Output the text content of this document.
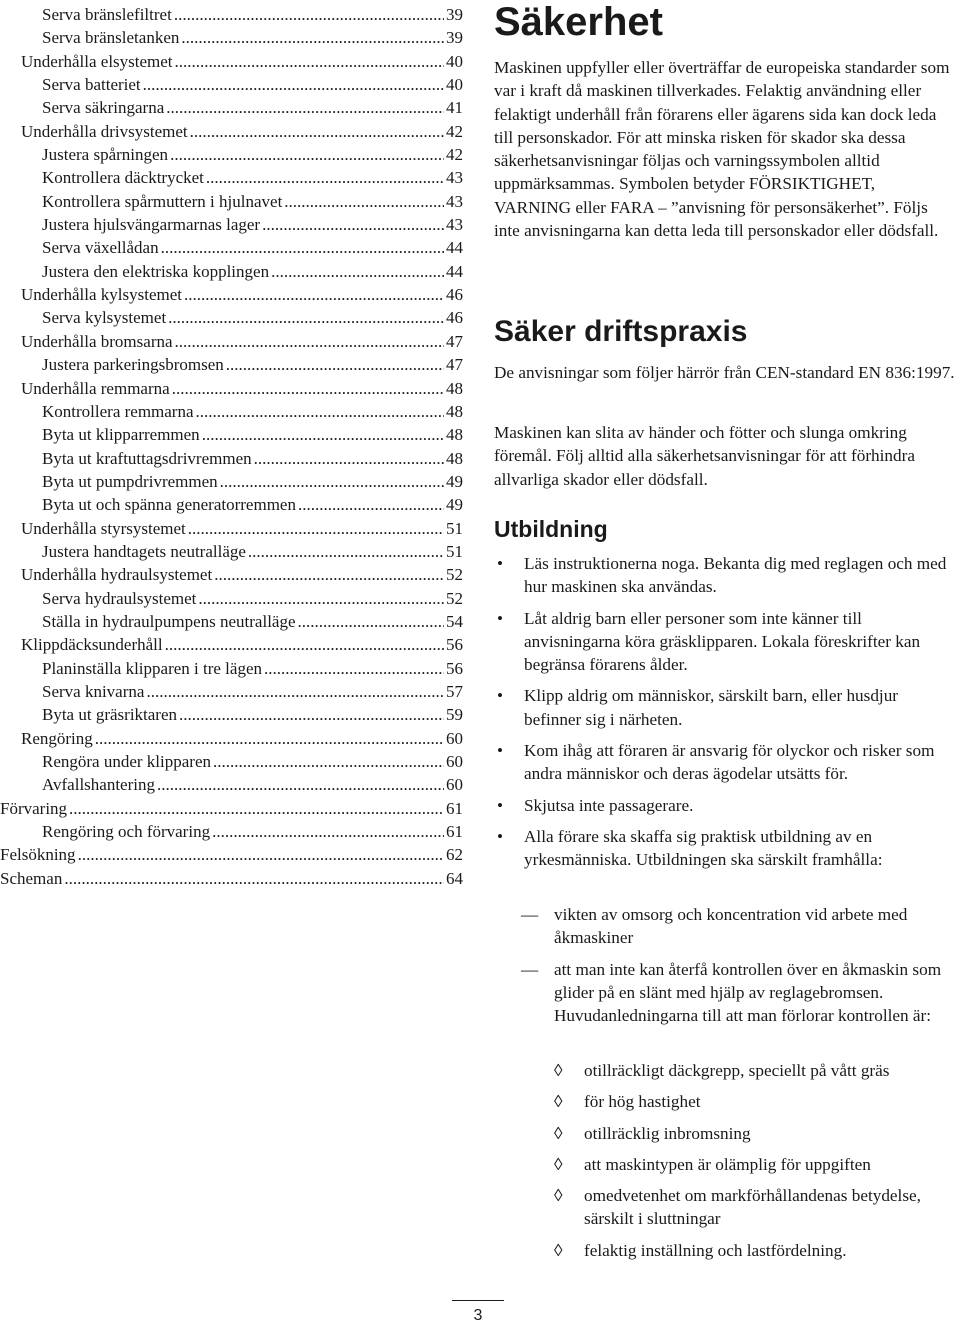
Serva bränslefiltret .....	39
Serva bränsletanken .....	39
Underhålla elsystemet .....	40
Serva batteriet .....	40
Serva säkringarna .....	41
Underhålla drivsystemet .....	42
Justera spårningen .....	42
Kontrollera däcktrycket .....	43
Kontrollera spårmuttern i hjulnavet .....	43
Justera hjulsvängarmarnas lager .....	43
Serva växellådan .....	44
Justera den elektriska kopplingen .....	44
Underhålla kylsystemet .....	46
Serva kylsystemet .....	46
Underhålla bromsarna .....	47
Justera parkeringsbromsen .....	47
Underhålla remmarna .....	48
Kontrollera remmarna .....	48
Byta ut klipparremmen .....	48
Byta ut kraftuttagsdrivremmen .....	48
Byta ut pumpdrivremmen .....	49
Byta ut och spänna generatorremmen .....	49
Underhålla styrsystemet .....	51
Justera handtagets neutralläge .....	51
Underhålla hydraulsystemet .....	52
Serva hydraulsystemet .....	52
Ställa in hydraulpumpens neutralläge .....	54
Klippdäcksunderhåll .....	56
Planinställa klipparen i tre lägen .....	56
Serva knivarna .....	57
Byta ut gräsriktaren .....	59
Rengöring .....	60
Rengöra under klipparen .....	60
Avfallshantering .....	60
Förvaring .....	61
Rengöring och förvaring .....	61
Felsökning .....	62
Scheman .....	64
Säkerhet

Maskinen uppfyller eller överträffar de europeiska standarder som var i kraft då maskinen tillverkades. Felaktig användning eller felaktigt underhåll från förarens eller ägarens sida kan dock leda till personskador. För att minska risken för skador ska dessa säkerhetsanvisningar följas och varningssymbolen alltid uppmärksammas. Symbolen betyder FÖRSIKTIGHET, VARNING eller FARA – ”anvisning för personsäkerhet”. Följs inte anvisningarna kan detta leda till personskador eller dödsfall.

Säker driftspraxis

De anvisningar som följer härrör från CEN-standard EN 836:1997.

Maskinen kan slita av händer och fötter och slunga omkring föremål. Följ alltid alla säkerhetsanvisningar för att förhindra allvarliga skador eller dödsfall.

Utbildning
• Läs instruktionerna noga. Bekanta dig med reglagen och med hur maskinen ska användas.
• Låt aldrig barn eller personer som inte känner till anvisningarna köra gräsklipparen. Lokala föreskrifter kan begränsa förarens ålder.
• Klipp aldrig om människor, särskilt barn, eller husdjur befinner sig i närheten.
• Kom ihåg att föraren är ansvarig för olyckor och risker som andra människor och deras ägodelar utsätts för.
• Skjutsa inte passagerare.
• Alla förare ska skaffa sig praktisk utbildning av en yrkesmänniska. Utbildningen ska särskilt framhålla:
— vikten av omsorg och koncentration vid arbete med åkmaskiner
— att man inte kan återfå kontrollen över en åkmaskin som glider på en slänt med hjälp av reglagebromsen. Huvudanledningarna till att man förlorar kontrollen är:
◊ otillräckligt däckgrepp, speciellt på vått gräs
◊ för hög hastighet
◊ otillräcklig inbromsning
◊ att maskintypen är olämplig för uppgiften
◊ omedvetenhet om markförhållandenas betydelse, särskilt i sluttningar
◊ felaktig inställning och lastfördelning.
3
